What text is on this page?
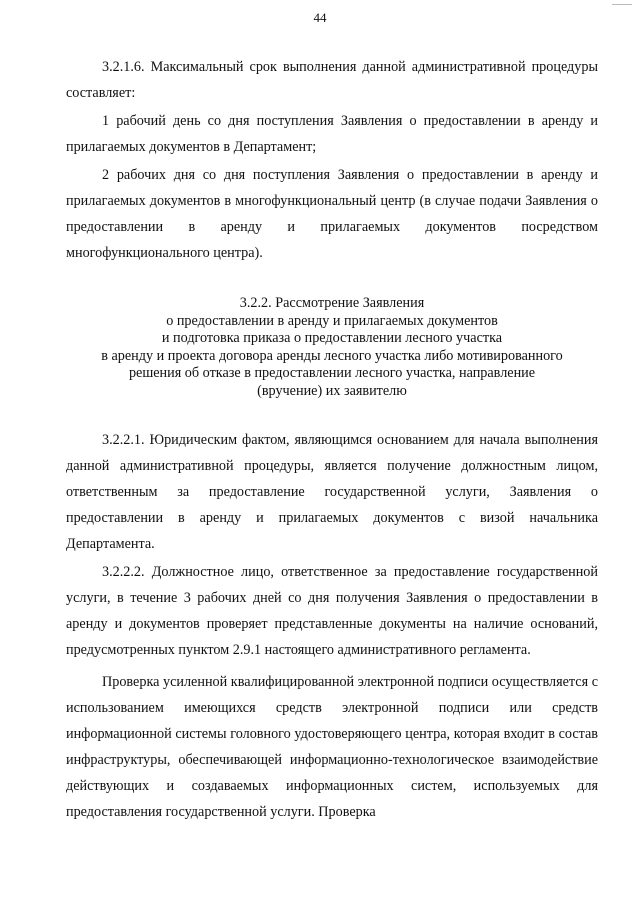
44

3.2.1.6. Максимальный срок выполнения данной административной процедуры составляет:

1 рабочий день со дня поступления Заявления о предоставлении в аренду и прилагаемых документов в Департамент;

2 рабочих дня со дня поступления Заявления о предоставлении в аренду и прилагаемых документов в многофункциональный центр (в случае подачи Заявления о предоставлении в аренду и прилагаемых документов посредством многофункционального центра).

3.2.2. Рассмотрение Заявления
о предоставлении в аренду и прилагаемых документов
и подготовка приказа о предоставлении лесного участка
в аренду и проекта договора аренды лесного участка либо мотивированного
решения об отказе в предоставлении лесного участка, направление
(вручение) их заявителю

3.2.2.1. Юридическим фактом, являющимся основанием для начала выполнения данной административной процедуры, является получение должностным лицом, ответственным за предоставление государственной услуги, Заявления о предоставлении в аренду и прилагаемых документов с визой начальника Департамента.

3.2.2.2. Должностное лицо, ответственное за предоставление государственной услуги, в течение 3 рабочих дней со дня получения Заявления о предоставлении в аренду и документов проверяет представленные документы на наличие оснований, предусмотренных пунктом 2.9.1 настоящего административного регламента.

Проверка усиленной квалифицированной электронной подписи осуществляется с использованием имеющихся средств электронной подписи или средств информационной системы головного удостоверяющего центра, которая входит в состав инфраструктуры, обеспечивающей информационно-технологическое взаимодействие действующих и создаваемых информационных систем, используемых для предоставления государственной услуги. Проверка
